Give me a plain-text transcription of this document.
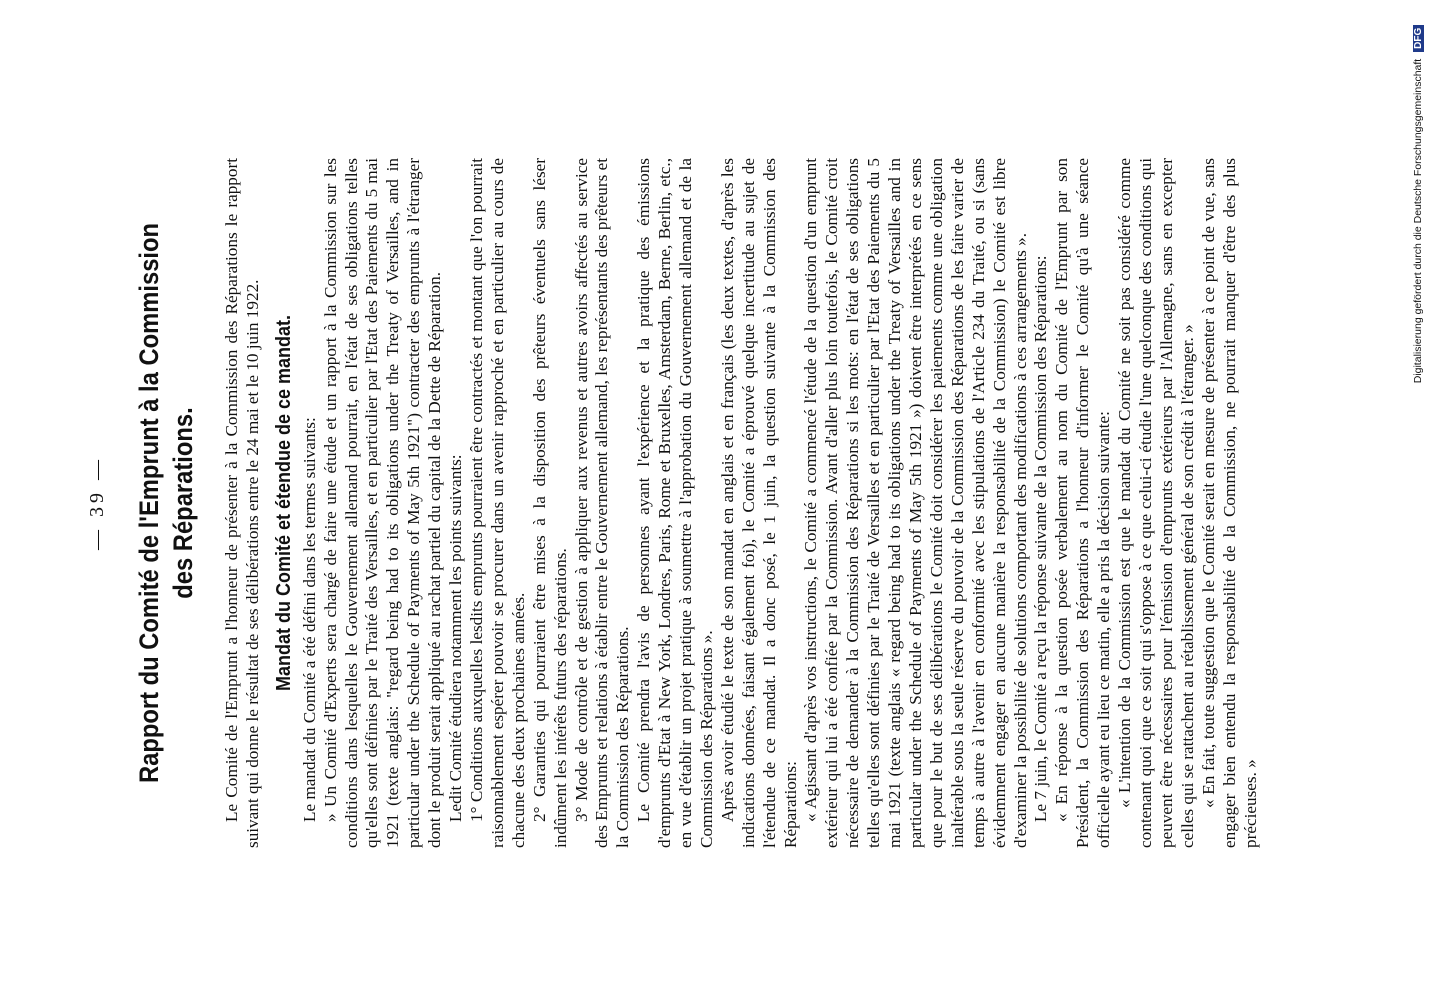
— 39 — Rapport du Comité de l'Emprunt à la Commission des Réparations. Le Comité de l'Emprunt a l'honneur de présenter à la Commission des Réparations le rapport suivant qui donne le résultat de ses délibérations entre le 24 mai et le 10 juin 1922. Mandat du Comité et étendue de ce mandat. Le mandat du Comité a été défini dans les termes suivants: » Un Comité d'Experts sera chargé de faire une étude et un rapport à la Commission sur les conditions dans lesquelles le Gouvernement allemand pourrait, en l'état de ses obligations telles qu'elles sont définies par le Traité des Versailles, et en particulier par l'Etat des Paiements du 5 mai 1921 (texte anglais: "regard being had to its obligations under the Treaty of Versailles, and in particular under the Schedule of Payments of May 5th 1921") contracter des emprunts à l'étranger dont le produit serait appliqué au rachat partiel du capital de la Dette de Réparation. Ledit Comité étudiera notamment les points suivants: 1° Conditions auxquelles lesdits emprunts pourraient être contractés et montant que l'on pourrait raisonnablement espérer pouvoir se procurer dans un avenir rapproché et en particulier au cours de chacune des deux prochaines années. 2° Garanties qui pourraient être mises à la disposition des prêteurs éventuels sans léser indûment les intérêts futurs des réparations. 3° Mode de contrôle et de gestion à appliquer aux revenus et autres avoirs affectés au service des Emprunts et relations à établir entre le Gouvernement allemand, les représentants des prêteurs et la Commission des Réparations. Le Comité prendra l'avis de personnes ayant l'expérience et la pratique des émissions d'emprunts d'Etat à New York, Londres, Paris, Rome et Bruxelles, Amsterdam, Berne, Berlin, etc., en vue d'établir un projet pratique à soumettre à l'approbation du Gouvernement allemand et de la Commission des Réparations ». Après avoir étudié le texte de son mandat en anglais et en français (les deux textes, d'après les indications données, faisant également foi), le Comité a éprouvé quelque incertitude au sujet de l'étendue de ce mandat. Il a donc posé, le 1 juin, la question suivante à la Commission des Réparations: « Agissant d'après vos instructions, le Comité a commencé l'étude de la question d'un emprunt extérieur qui lui a été confiée par la Commission. Avant d'aller plus loin toutefois, le Comité croit nécessaire de demander à la Commission des Réparations si les mots: en l'état de ses obligations telles qu'elles sont définies par le Traité de Versailles et en particulier par l'Etat des Paiements du 5 mai 1921 (texte anglais « regard being had to its obligations under the Treaty of Versailles and in particular under the Schedule of Payments of May 5th 1921 ») doivent être interprétés en ce sens que pour le but de ses délibérations le Comité doit considérer les paiements comme une obligation inaltérable sous la seule réserve du pouvoir de la Commission des Réparations de les faire varier de temps à autre à l'avenir en conformité avec les stipulations de l'Article 234 du Traité, ou si (sans évidemment engager en aucune manière la responsabilité de la Commission) le Comité est libre d'examiner la possibilité de solutions comportant des modifications à ces arrangements ». Le 7 juin, le Comité a reçu la réponse suivante de la Commission des Réparations: « En réponse à la question posée verbalement au nom du Comité de l'Emprunt par son Président, la Commission des Réparations a l'honneur d'informer le Comité qu'à une séance officielle ayant eu lieu ce matin, elle a pris la décision suivante: « L'intention de la Commission est que le mandat du Comité ne soit pas considéré comme contenant quoi que ce soit qui s'oppose à ce que celui-ci étudie l'une quelconque des conditions qui peuvent être nécessaires pour l'émission d'emprunts extérieurs par l'Allemagne, sans en excepter celles qui se rattachent au rétablissement général de son crédit à l'étranger. » « En fait, toute suggestion que le Comité serait en mesure de présenter à ce point de vue, sans engager bien entendu la responsabilité de la Commission, ne pourrait manquer d'être des plus précieuses. »

Digitalisierung gefördert durch die Deutsche Forschungsgemeinschaft DFG
